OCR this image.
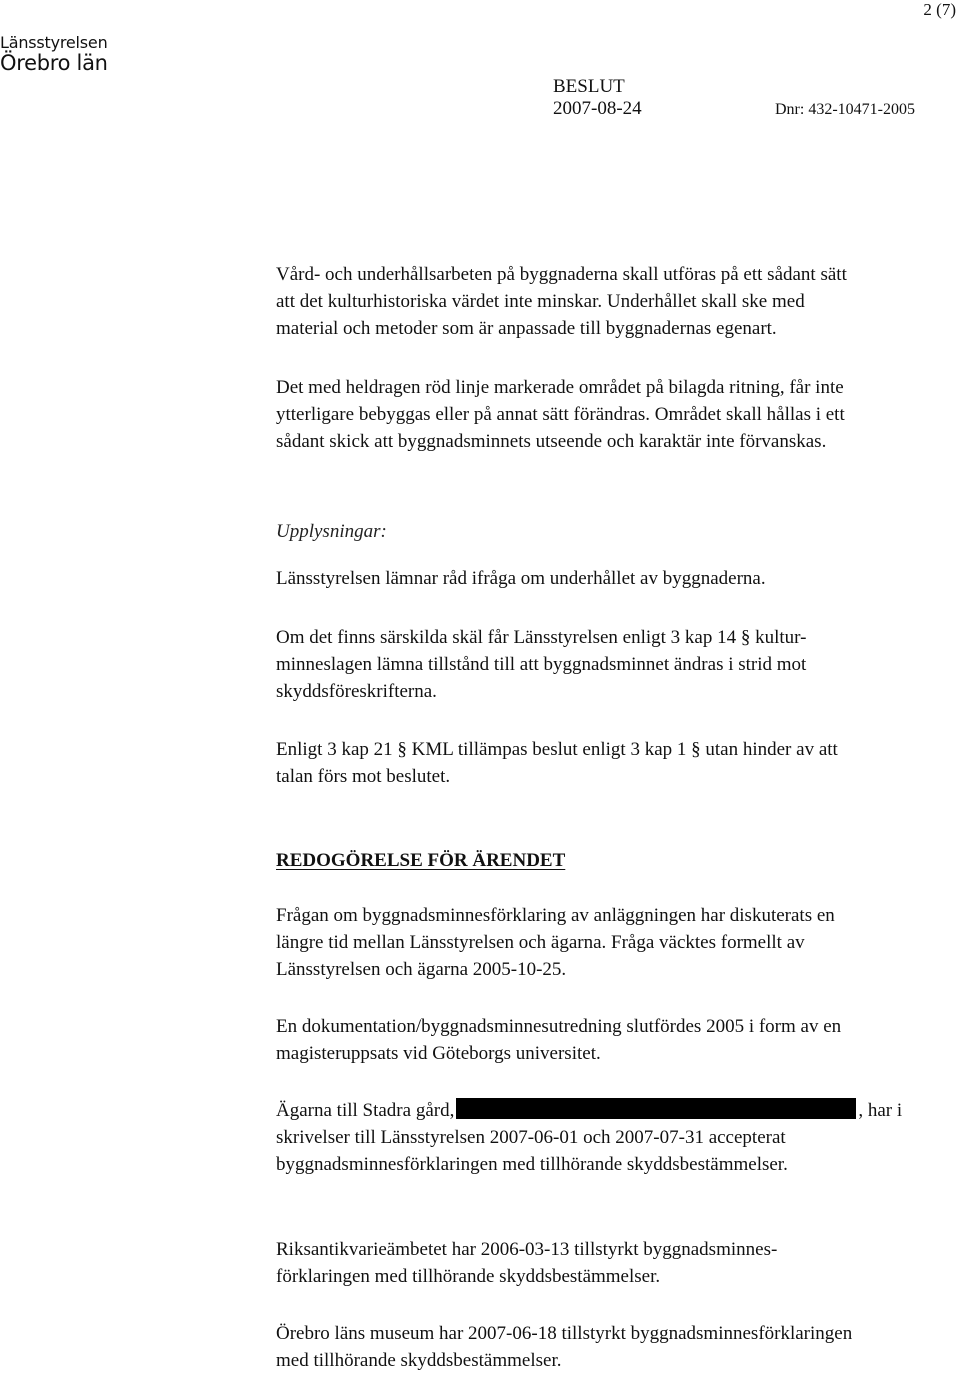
2 (7)
Länsstyrelsen
Örebro län
BESLUT
2007-08-24	Dnr: 432-10471-2005
Vård- och underhållsarbeten på byggnaderna skall utföras på ett sådant sätt
att det kulturhistoriska värdet inte minskar. Underhållet skall ske med
material och metoder som är anpassade till byggnadernas egenart.
Det med heldragen röd linje markerade området på bilagda ritning, får inte
ytterligare bebyggas eller på annat sätt förändras. Området skall hållas i ett
sådant skick att byggnadsminnets utseende och karaktär inte förvanskas.
Upplysningar:
Länsstyrelsen lämnar råd ifråga om underhållet av byggnaderna.
Om det finns särskilda skäl får Länsstyrelsen enligt 3 kap 14 § kultur-
minneslagen lämna tillstånd till att byggnadsminnet ändras i strid mot
skyddsföreskrifterna.
Enligt 3 kap 21 § KML tillämpas beslut enligt 3 kap 1 § utan hinder av att
talan förs mot beslutet.
REDOGÖRELSE FÖR ÄRENDET
Frågan om byggnadsminnesförklaring av anläggningen har diskuterats en
längre tid mellan Länsstyrelsen och ägarna. Fråga väcktes formellt av
Länsstyrelsen och ägarna 2005-10-25.
En dokumentation/byggnadsminnesutredning slutfördes 2005 i form av en
magisteruppsats vid Göteborgs universitet.
Ägarna till Stadra gård,	, har i
skrivelser till Länsstyrelsen 2007-06-01 och 2007-07-31 accepterat
byggnadsminnesförklaringen med tillhörande skyddsbestämmelser.
Riksantikvarieämbetet har 2006-03-13 tillstyrkt byggnadsminnes-
förklaringen med tillhörande skyddsbestämmelser.
Örebro läns museum har 2007-06-18 tillstyrkt byggnadsminnesförklaringen
med tillhörande skyddsbestämmelser.
